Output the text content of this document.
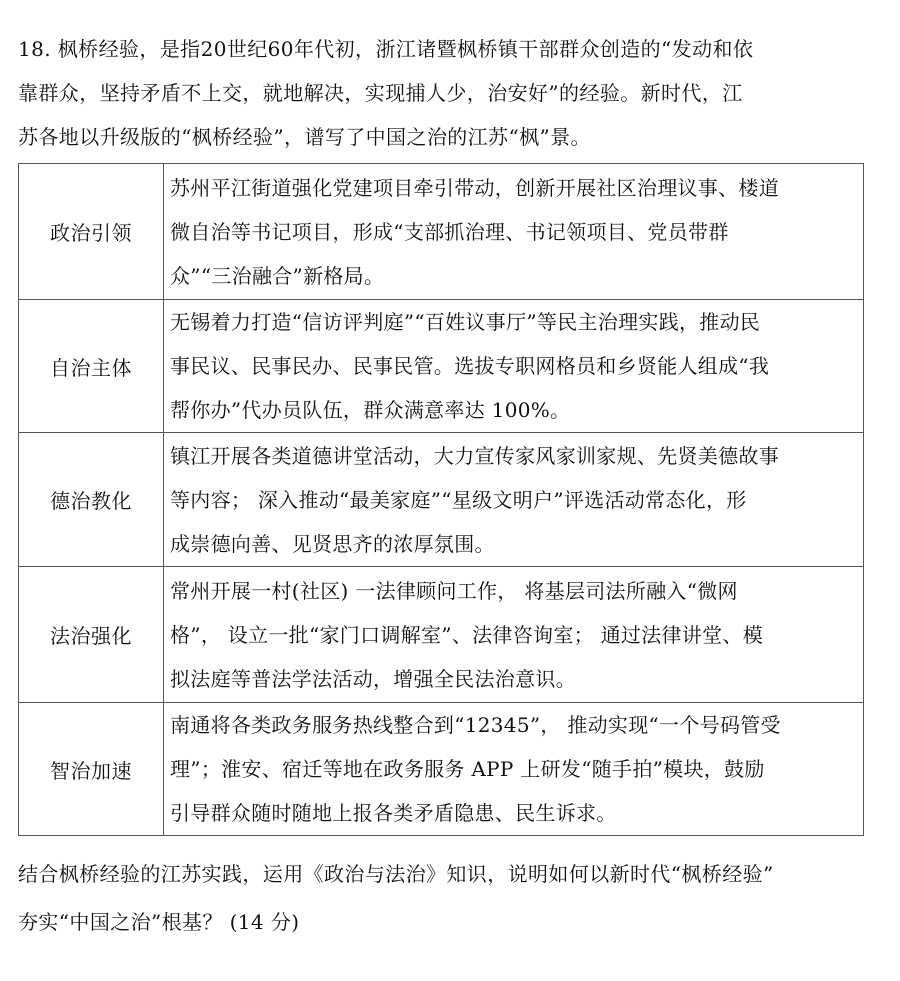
18. 枫桥经验，是指20世纪60年代初，浙江诸暨枫桥镇干部群众创造的“发动和依

靠群众，坚持矛盾不上交，就地解决，实现捕人少，治安好”的经验。新时代，江

苏各地以升级版的“枫桥经验”，谱写了中国之治的江苏“枫”景。

政治引领	苏州平江街道强化党建项目牵引带动，创新开展社区治理议事、楼道
微自治等书记项目，形成“支部抓治理、书记领项目、党员带群
众”“三治融合”新格局。

自治主体	无锡着力打造“信访评判庭”“百姓议事厅”等民主治理实践，推动民
事民议、民事民办、民事民管。选拔专职网格员和乡贤能人组成“我
帮你办”代办员队伍，群众满意率达 100%。

德治教化	镇江开展各类道德讲堂活动，大力宣传家风家训家规、先贤美德故事
等内容； 深入推动“最美家庭”“星级文明户”评选活动常态化，形
成崇德向善、见贤思齐的浓厚氛围。

法治强化	常州开展一村(社区) 一法律顾问工作， 将基层司法所融入“微网
格”， 设立一批“家门口调解室”、法律咨询室； 通过法律讲堂、模
拟法庭等普法学法活动，增强全民法治意识。

智治加速	南通将各类政务服务热线整合到“12345”， 推动实现“一个号码管受
理”；淮安、宿迁等地在政务服务 APP 上研发“随手拍”模块，鼓励
引导群众随时随地上报各类矛盾隐患、民生诉求。

结合枫桥经验的江苏实践，运用《政治与法治》知识，说明如何以新时代“枫桥经验”

夯实“中国之治”根基？ (14 分)
